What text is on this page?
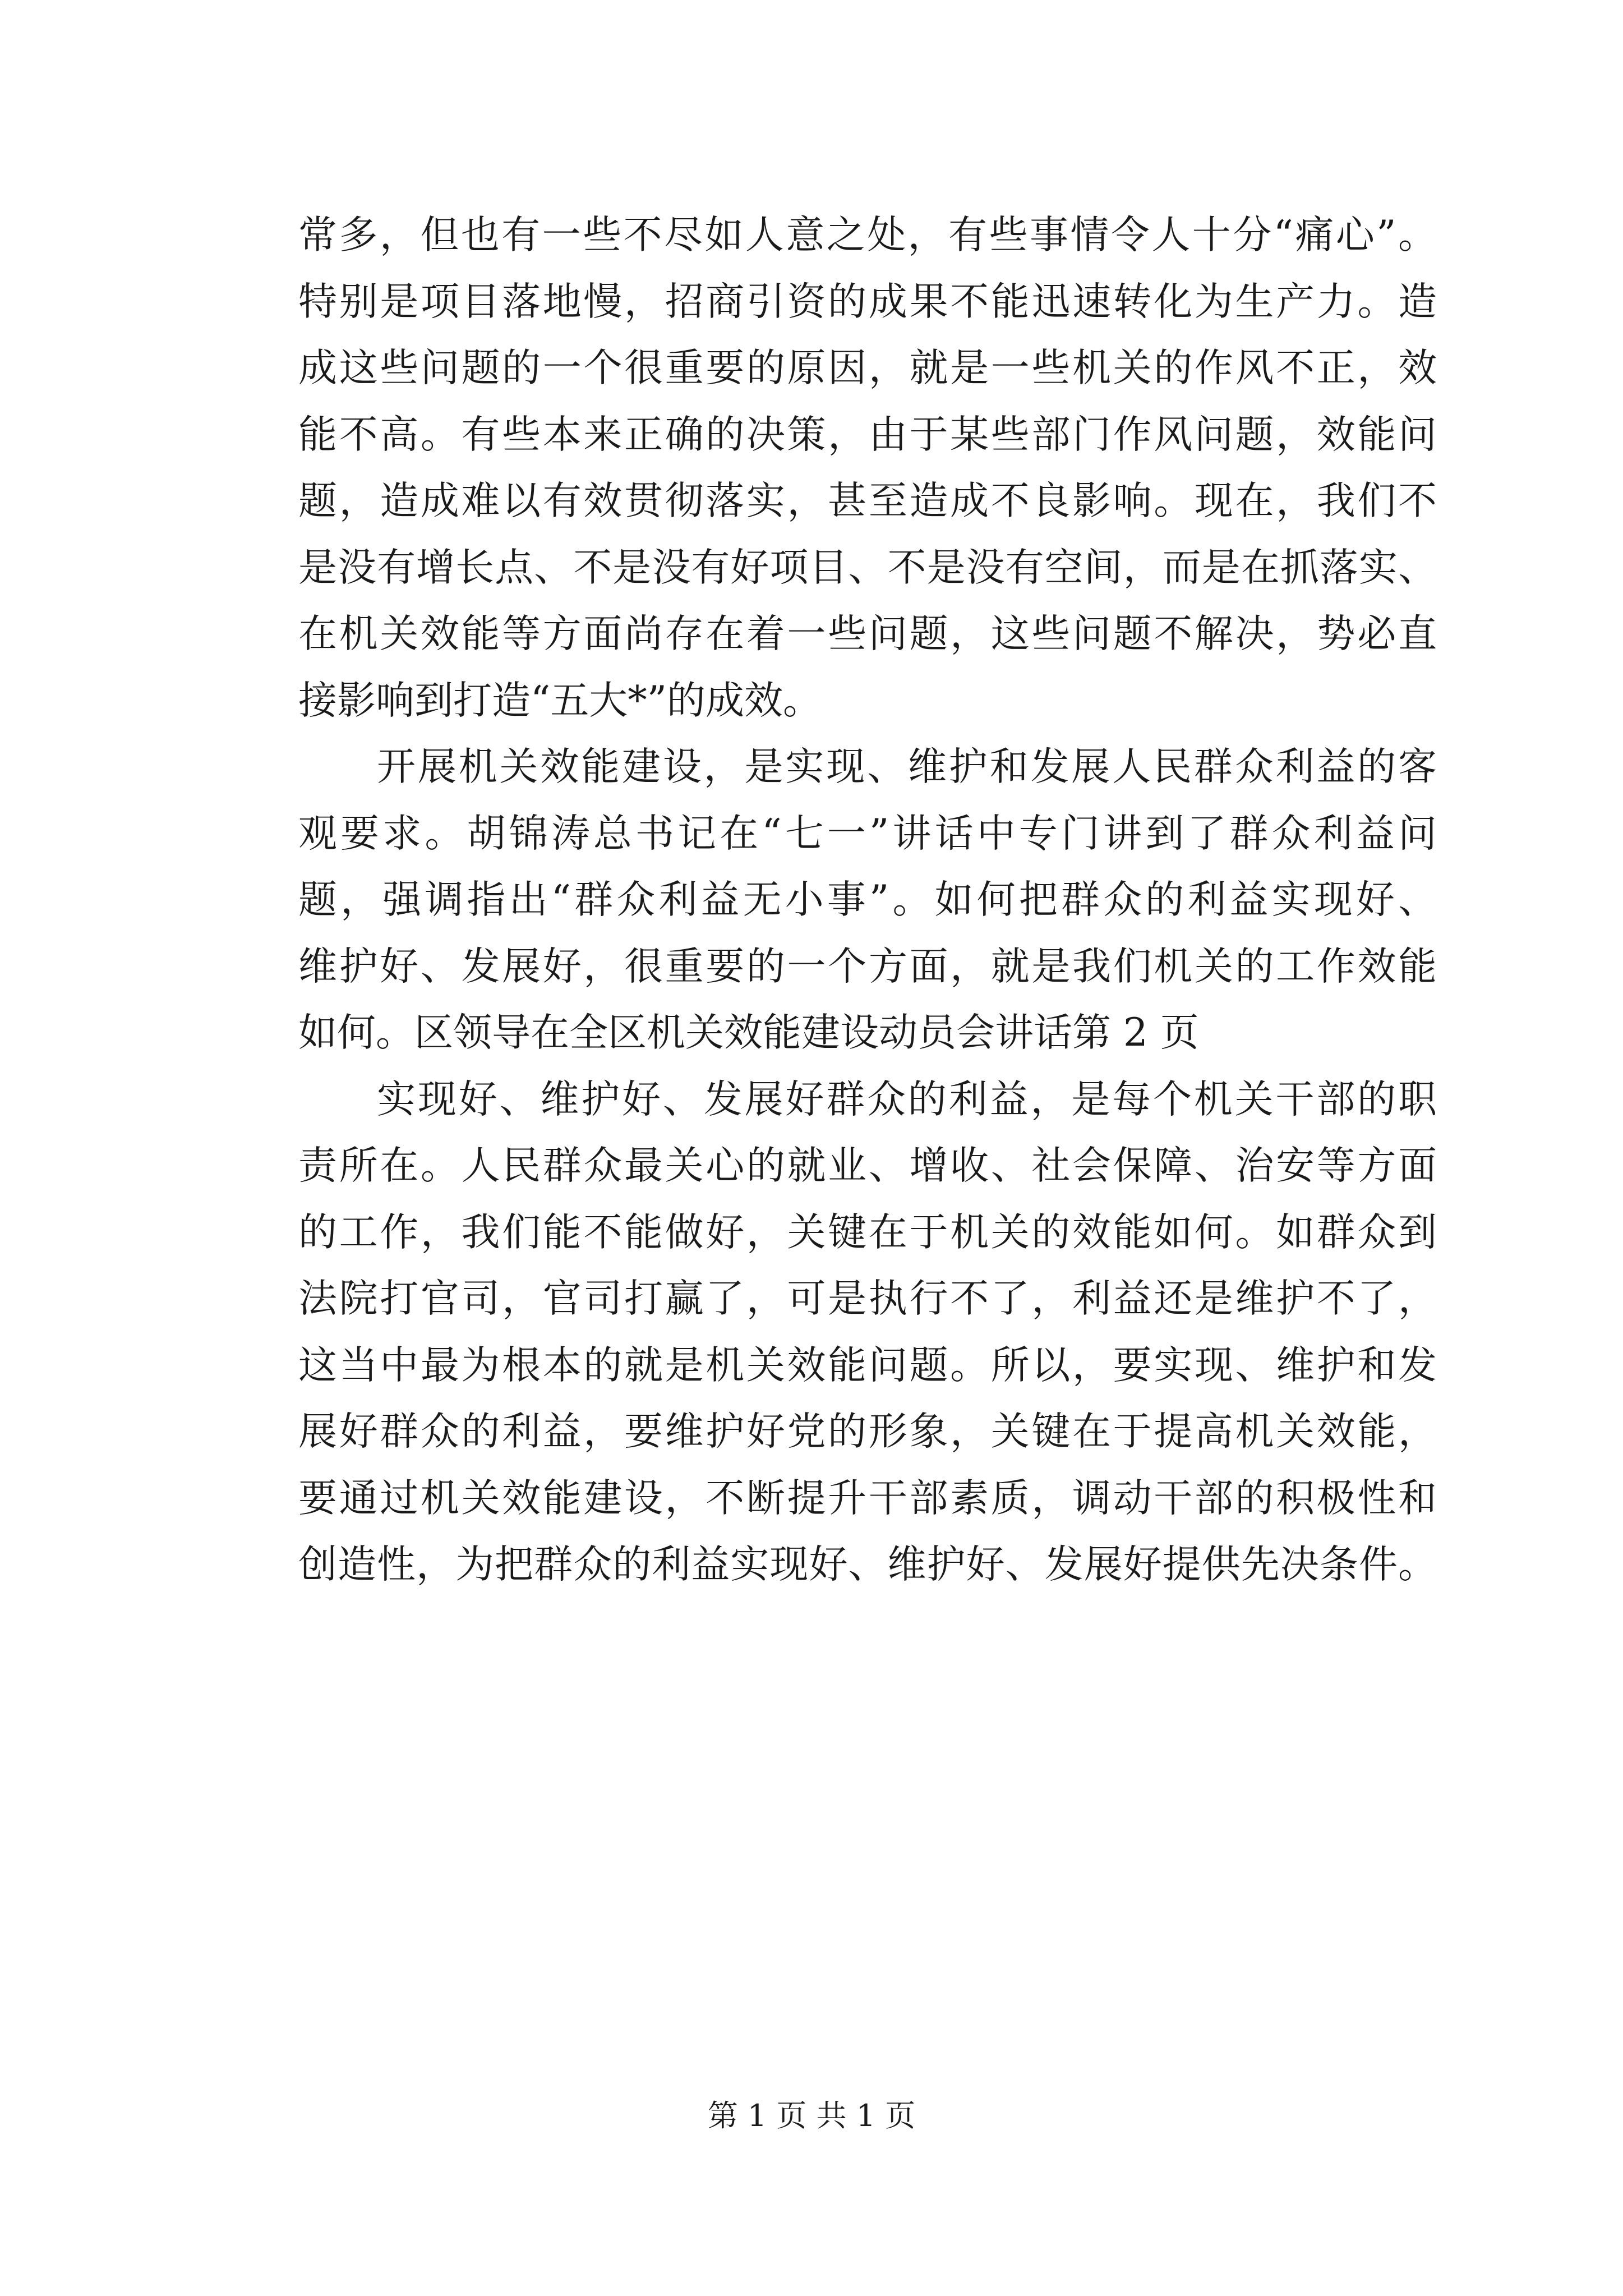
常多，但也有一些不尽如人意之处，有些事情令人十分“痛心”。
特别是项目落地慢，招商引资的成果不能迅速转化为生产力。造
成这些问题的一个很重要的原因，就是一些机关的作风不正，效
能不高。有些本来正确的决策，由于某些部门作风问题，效能问
题，造成难以有效贯彻落实，甚至造成不良影响。现在，我们不
是没有增长点、不是没有好项目、不是没有空间，而是在抓落实、
在机关效能等方面尚存在着一些问题，这些问题不解决，势必直
接影响到打造“五大*”的成效。
开展机关效能建设，是实现、维护和发展人民群众利益的客
观要求。胡锦涛总书记在“七一”讲话中专门讲到了群众利益问
题，强调指出“群众利益无小事”。如何把群众的利益实现好、
维护好、发展好，很重要的一个方面，就是我们机关的工作效能
如何。区领导在全区机关效能建设动员会讲话第 2 页
实现好、维护好、发展好群众的利益，是每个机关干部的职
责所在。人民群众最关心的就业、增收、社会保障、治安等方面
的工作，我们能不能做好，关键在于机关的效能如何。如群众到
法院打官司，官司打赢了，可是执行不了，利益还是维护不了，
这当中最为根本的就是机关效能问题。所以，要实现、维护和发
展好群众的利益，要维护好党的形象，关键在于提高机关效能，
要通过机关效能建设，不断提升干部素质，调动干部的积极性和
创造性，为把群众的利益实现好、维护好、发展好提供先决条件。
第 1 页 共 1 页
